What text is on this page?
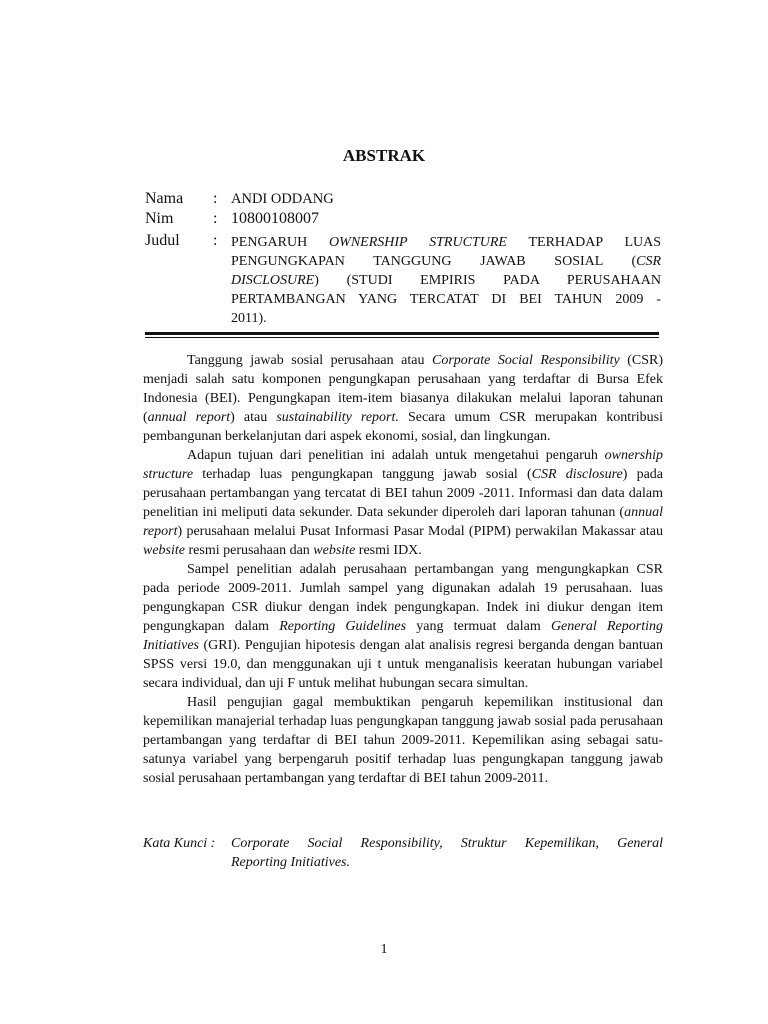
ABSTRAK
Nama : ANDI ODDANG
Nim : 10800108007
Judul : PENGARUH OWNERSHIP STRUCTURE TERHADAP LUAS
PENGUNGKAPAN TANGGUNG JAWAB SOSIAL (CSR
DISCLOSURE) (STUDI EMPIRIS PADA PERUSAHAAN
PERTAMBANGAN YANG TERCATAT DI BEI TAHUN 2009 -
2011).

Tanggung jawab sosial perusahaan atau Corporate Social Responsibility (CSR) menjadi salah satu komponen pengungkapan perusahaan yang terdaftar di Bursa Efek Indonesia (BEI). Pengungkapan item-item biasanya dilakukan melalui laporan tahunan (annual report) atau sustainability report. Secara umum CSR merupakan kontribusi pembangunan berkelanjutan dari aspek ekonomi, sosial, dan lingkungan.

Adapun tujuan dari penelitian ini adalah untuk mengetahui pengaruh ownership structure terhadap luas pengungkapan tanggung jawab sosial (CSR disclosure) pada perusahaan pertambangan yang tercatat di BEI tahun 2009 -2011. Informasi dan data dalam penelitian ini meliputi data sekunder. Data sekunder diperoleh dari laporan tahunan (annual report) perusahaan melalui Pusat Informasi Pasar Modal (PIPM) perwakilan Makassar atau website resmi perusahaan dan website resmi IDX.

Sampel penelitian adalah perusahaan pertambangan yang mengungkapkan CSR pada periode 2009-2011. Jumlah sampel yang digunakan adalah 19 perusahaan. luas pengungkapan CSR diukur dengan indek pengungkapan. Indek ini diukur dengan item pengungkapan dalam Reporting Guidelines yang termuat dalam General Reporting Initiatives (GRI). Pengujian hipotesis dengan alat analisis regresi berganda dengan bantuan SPSS versi 19.0, dan menggunakan uji t untuk menganalisis keeratan hubungan variabel secara individual, dan uji F untuk melihat hubungan secara simultan.

Hasil pengujian gagal membuktikan pengaruh kepemilikan institusional dan kepemilikan manajerial terhadap luas pengungkapan tanggung jawab sosial pada perusahaan pertambangan yang terdaftar di BEI tahun 2009-2011. Kepemilikan asing sebagai satu-satunya variabel yang berpengaruh positif terhadap luas pengungkapan tanggung jawab sosial perusahaan pertambangan yang terdaftar di BEI tahun 2009-2011.

Kata Kunci : Corporate Social Responsibility, Struktur Kepemilikan, General
Reporting Initiatives.
1
